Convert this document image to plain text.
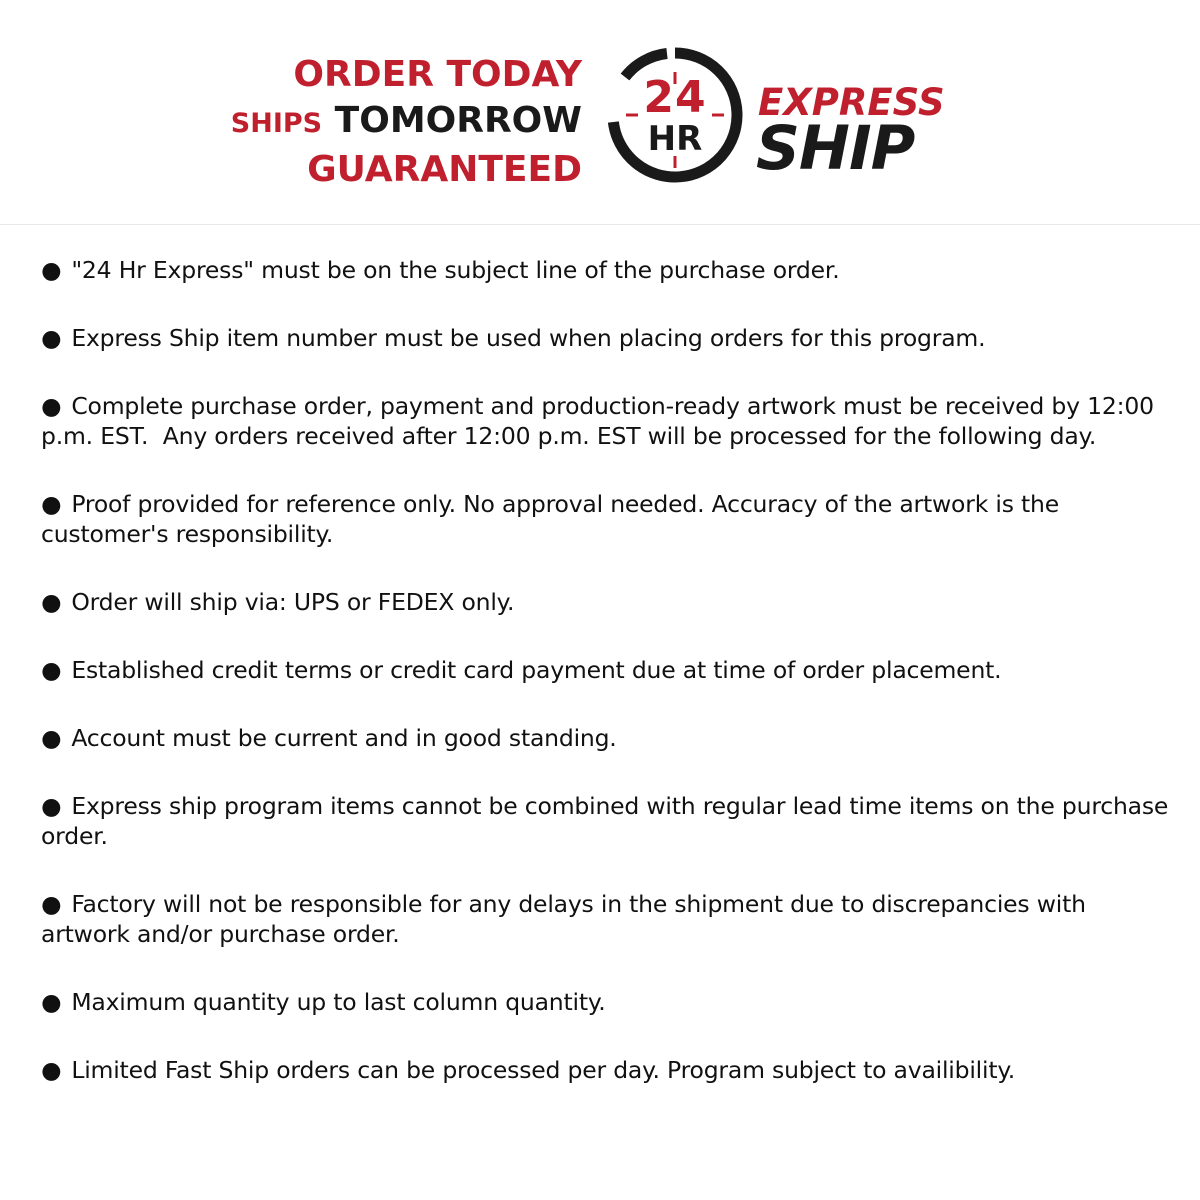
ORDER TODAY
SHIPS TOMORROW
GUARANTEED
24
HR
EXPRESS
SHIP
● "24 Hr Express" must be on the subject line of the purchase order.
● Express Ship item number must be used when placing orders for this program.
● Complete purchase order, payment and production-ready artwork must be received by 12:00 p.m. EST.  Any orders received after 12:00 p.m. EST will be processed for the following day.
● Proof provided for reference only. No approval needed. Accuracy of the artwork is the customer's responsibility.
● Order will ship via: UPS or FEDEX only.
● Established credit terms or credit card payment due at time of order placement.
● Account must be current and in good standing.
● Express ship program items cannot be combined with regular lead time items on the purchase order.
● Factory will not be responsible for any delays in the shipment due to discrepancies with artwork and/or purchase order.
● Maximum quantity up to last column quantity.
● Limited Fast Ship orders can be processed per day. Program subject to availibility.
